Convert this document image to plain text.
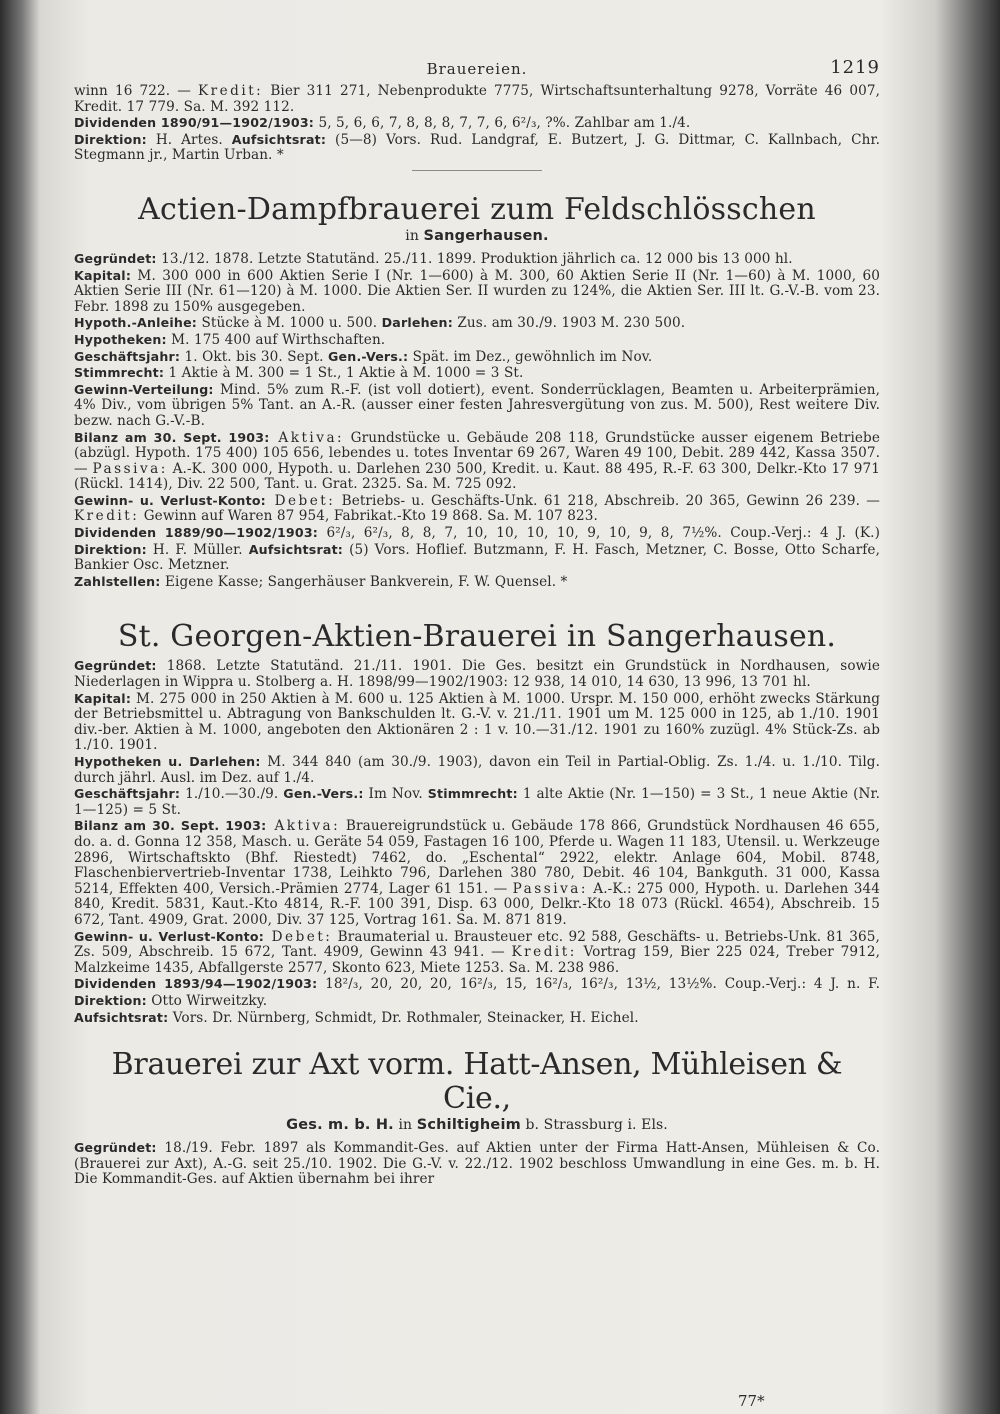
Brauereien.	1219

winn 16 722. — Kredit: Bier 311 271, Nebenprodukte 7775, Wirtschaftsunterhaltung 9278, Vorräte 46 007, Kredit. 17 779. Sa. M. 392 112.

Dividenden 1890/91—1902/1903: 5, 5, 6, 6, 7, 8, 8, 8, 7, 7, 6, 6²/₃, ?%. Zahlbar am 1./4.

Direktion: H. Artes. Aufsichtsrat: (5—8) Vors. Rud. Landgraf, E. Butzert, J. G. Dittmar, C. Kallnbach, Chr. Stegmann jr., Martin Urban. *

Actien-Dampfbrauerei zum Feldschlösschen
in Sangerhausen.

Gegründet: 13./12. 1878. Letzte Statutänd. 25./11. 1899. Produktion jährlich ca. 12 000 bis 13 000 hl.

Kapital: M. 300 000 in 600 Aktien Serie I (Nr. 1—600) à M. 300, 60 Aktien Serie II (Nr. 1—60) à M. 1000, 60 Aktien Serie III (Nr. 61—120) à M. 1000. Die Aktien Ser. II wurden zu 124%, die Aktien Ser. III lt. G.-V.-B. vom 23. Febr. 1898 zu 150% ausgegeben.

Hypoth.-Anleihe: Stücke à M. 1000 u. 500. Darlehen: Zus. am 30./9. 1903 M. 230 500.

Hypotheken: M. 175 400 auf Wirthschaften.

Geschäftsjahr: 1. Okt. bis 30. Sept. Gen.-Vers.: Spät. im Dez., gewöhnlich im Nov.

Stimmrecht: 1 Aktie à M. 300 = 1 St., 1 Aktie à M. 1000 = 3 St.

Gewinn-Verteilung: Mind. 5% zum R.-F. (ist voll dotiert), event. Sonderrücklagen, Beamten u. Arbeiterprämien, 4% Div., vom übrigen 5% Tant. an A.-R. (ausser einer festen Jahresvergütung von zus. M. 500), Rest weitere Div. bezw. nach G.-V.-B.

Bilanz am 30. Sept. 1903: Aktiva: Grundstücke u. Gebäude 208 118, Grundstücke ausser eigenem Betriebe (abzügl. Hypoth. 175 400) 105 656, lebendes u. totes Inventar 69 267, Waren 49 100, Debit. 289 442, Kassa 3507. — Passiva: A.-K. 300 000, Hypoth. u. Darlehen 230 500, Kredit. u. Kaut. 88 495, R.-F. 63 300, Delkr.-Kto 17 971 (Rückl. 1414), Div. 22 500, Tant. u. Grat. 2325. Sa. M. 725 092.

Gewinn- u. Verlust-Konto: Debet: Betriebs- u. Geschäfts-Unk. 61 218, Abschreib. 20 365, Gewinn 26 239. — Kredit: Gewinn auf Waren 87 954, Fabrikat.-Kto 19 868. Sa. M. 107 823.

Dividenden 1889/90—1902/1903: 6²/₃, 6²/₃, 8, 8, 7, 10, 10, 10, 10, 9, 10, 9, 8, 7½%. Coup.-Verj.: 4 J. (K.) Direktion: H. F. Müller. Aufsichtsrat: (5) Vors. Hoflief. Butzmann, F. H. Fasch, Metzner, C. Bosse, Otto Scharfe, Bankier Osc. Metzner.

Zahlstellen: Eigene Kasse; Sangerhäuser Bankverein, F. W. Quensel. *

St. Georgen-Aktien-Brauerei in Sangerhausen.

Gegründet: 1868. Letzte Statutänd. 21./11. 1901. Die Ges. besitzt ein Grundstück in Nordhausen, sowie Niederlagen in Wippra u. Stolberg a. H. 1898/99—1902/1903: 12 938, 14 010, 14 630, 13 996, 13 701 hl.

Kapital: M. 275 000 in 250 Aktien à M. 600 u. 125 Aktien à M. 1000. Urspr. M. 150 000, erhöht zwecks Stärkung der Betriebsmittel u. Abtragung von Bankschulden lt. G.-V. v. 21./11. 1901 um M. 125 000 in 125, ab 1./10. 1901 div.-ber. Aktien à M. 1000, angeboten den Aktionären 2 : 1 v. 10.—31./12. 1901 zu 160% zuzügl. 4% Stück-Zs. ab 1./10. 1901.

Hypotheken u. Darlehen: M. 344 840 (am 30./9. 1903), davon ein Teil in Partial-Oblig. Zs. 1./4. u. 1./10. Tilg. durch jährl. Ausl. im Dez. auf 1./4.

Geschäftsjahr: 1./10.—30./9. Gen.-Vers.: Im Nov. Stimmrecht: 1 alte Aktie (Nr. 1—150) = 3 St., 1 neue Aktie (Nr. 1—125) = 5 St.

Bilanz am 30. Sept. 1903: Aktiva: Brauereigrundstück u. Gebäude 178 866, Grundstück Nordhausen 46 655, do. a. d. Gonna 12 358, Masch. u. Geräte 54 059, Fastagen 16 100, Pferde u. Wagen 11 183, Utensil. u. Werkzeuge 2896, Wirtschaftskto (Bhf. Riestedt) 7462, do. „Eschental“ 2922, elektr. Anlage 604, Mobil. 8748, Flaschenbiervertrieb-Inventar 1738, Leihkto 796, Darlehen 380 780, Debit. 46 104, Bankguth. 31 000, Kassa 5214, Effekten 400, Versich.-Prämien 2774, Lager 61 151. — Passiva: A.-K.: 275 000, Hypoth. u. Darlehen 344 840, Kredit. 5831, Kaut.-Kto 4814, R.-F. 100 391, Disp. 63 000, Delkr.-Kto 18 073 (Rückl. 4654), Abschreib. 15 672, Tant. 4909, Grat. 2000, Div. 37 125, Vortrag 161. Sa. M. 871 819.

Gewinn- u. Verlust-Konto: Debet: Braumaterial u. Brausteuer etc. 92 588, Geschäfts- u. Betriebs-Unk. 81 365, Zs. 509, Abschreib. 15 672, Tant. 4909, Gewinn 43 941. — Kredit: Vortrag 159, Bier 225 024, Treber 7912, Malzkeime 1435, Abfallgerste 2577, Skonto 623, Miete 1253. Sa. M. 238 986.

Dividenden 1893/94—1902/1903: 18²/₃, 20, 20, 20, 16²/₃, 15, 16²/₃, 16²/₃, 13½, 13½%. Coup.-Verj.: 4 J. n. F. Direktion: Otto Wirweitzky.

Aufsichtsrat: Vors. Dr. Nürnberg, Schmidt, Dr. Rothmaler, Steinacker, H. Eichel.

Brauerei zur Axt vorm. Hatt-Ansen, Mühleisen & Cie.,
Ges. m. b. H. in Schiltigheim b. Strassburg i. Els.

Gegründet: 18./19. Febr. 1897 als Kommandit-Ges. auf Aktien unter der Firma Hatt-Ansen, Mühleisen & Co. (Brauerei zur Axt), A.-G. seit 25./10. 1902. Die G.-V. v. 22./12. 1902 beschloss Umwandlung in eine Ges. m. b. H. Die Kommandit-Ges. auf Aktien übernahm bei ihrer

77*
